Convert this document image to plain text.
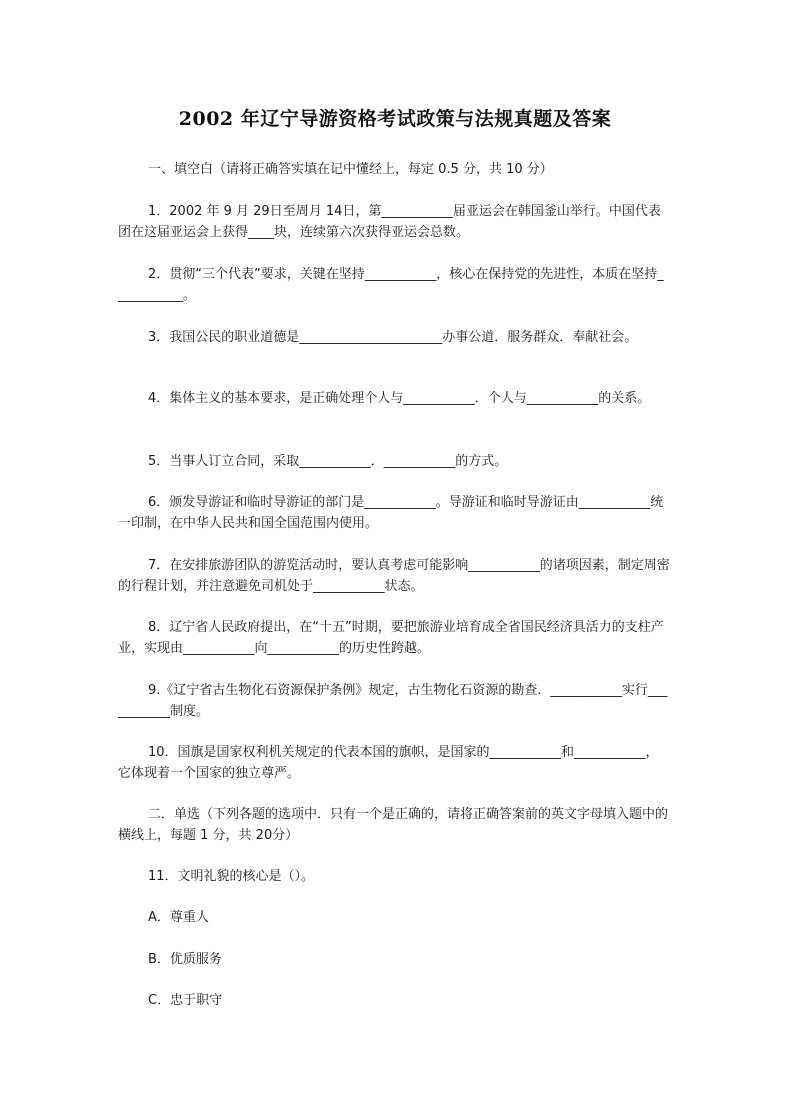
2002 年辽宁导游资格考试政策与法规真题及答案
一、填空白（请将正确答实填在记中懂经上，每定 0.5 分，共 10 分）
1．2002 年 9 月 29日至周月 14日，第___________届亚运会在韩国釜山举行。中国代表团在这届亚运会上获得____块，连续第六次获得亚运会总数。
2．贯彻“三个代表”要求，关键在坚持___________，核心在保持党的先进性，本质在坚持___________。
3．我国公民的职业道德是______________________办事公道．服务群众．奉献社会。
4．集体主义的基本要求，是正确处理个人与___________．个人与___________的关系。
5．当事人订立合同，采取___________．___________的方式。
6．颁发导游证和临时导游证的部门是___________。导游证和临时导游证由___________统一印制，在中华人民共和国全国范围内使用。
7．在安排旅游团队的游览活动时，要认真考虑可能影响___________的诸项因素，制定周密的行程计划，并注意避免司机处于___________状态。
8．辽宁省人民政府提出，在“十五”时期，要把旅游业培育成全省国民经济具活力的支柱产业，实现由___________向___________的历史性跨越。
9.《辽宁省古生物化石资源保护条例》规定，古生物化石资源的勘查．___________实行___________制度。
10．国旗是国家权利机关规定的代表本国的旗帜，是国家的___________和___________，它体现着一个国家的独立尊严。
二．单选（下列各题的选项中．只有一个是正确的，请将正确答案前的英文字母填入题中的横线上，每题 1 分，共 20分）
11．文明礼貌的核心是（）。
A．尊重人
B．优质服务
C．忠于职守
